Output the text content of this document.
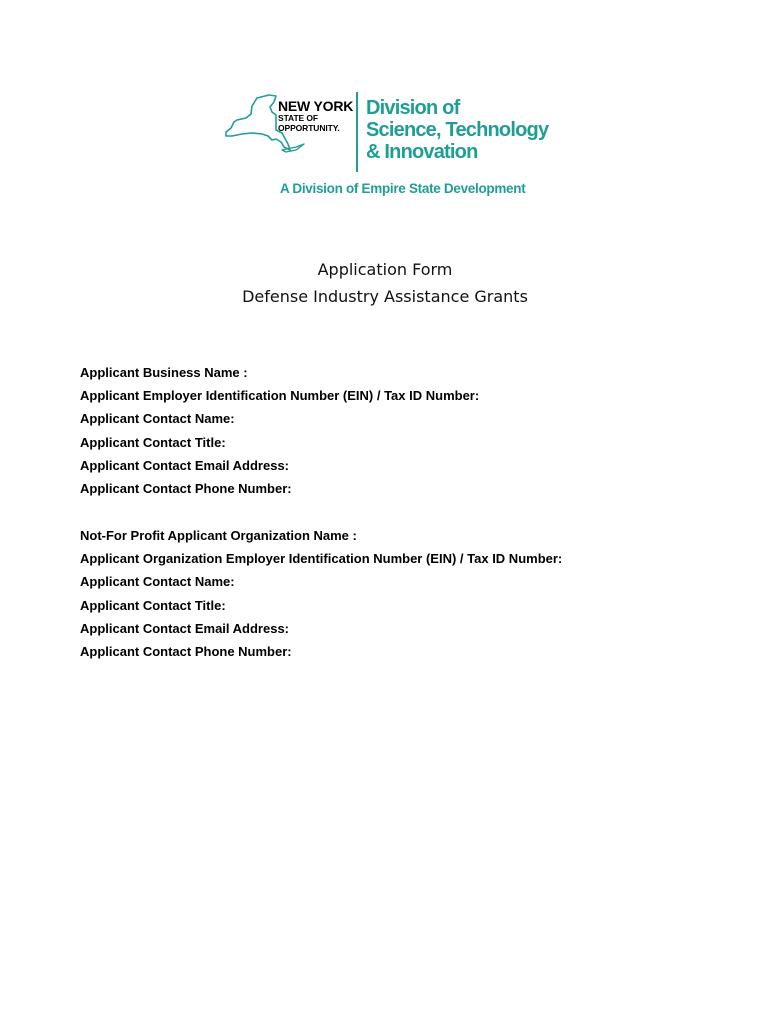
NEW YORK
STATE OF
OPPORTUNITY.
Division of
Science, Technology
& Innovation
A Division of Empire State Development
Application Form
Defense Industry Assistance Grants
Applicant Business Name :
Applicant Employer Identification Number (EIN) / Tax ID Number:
Applicant Contact Name:
Applicant Contact Title:
Applicant Contact Email Address:
Applicant Contact Phone Number:
Not-For Profit Applicant Organization Name :
Applicant Organization Employer Identification Number (EIN) / Tax ID Number:
Applicant Contact Name:
Applicant Contact Title:
Applicant Contact Email Address:
Applicant Contact Phone Number:
